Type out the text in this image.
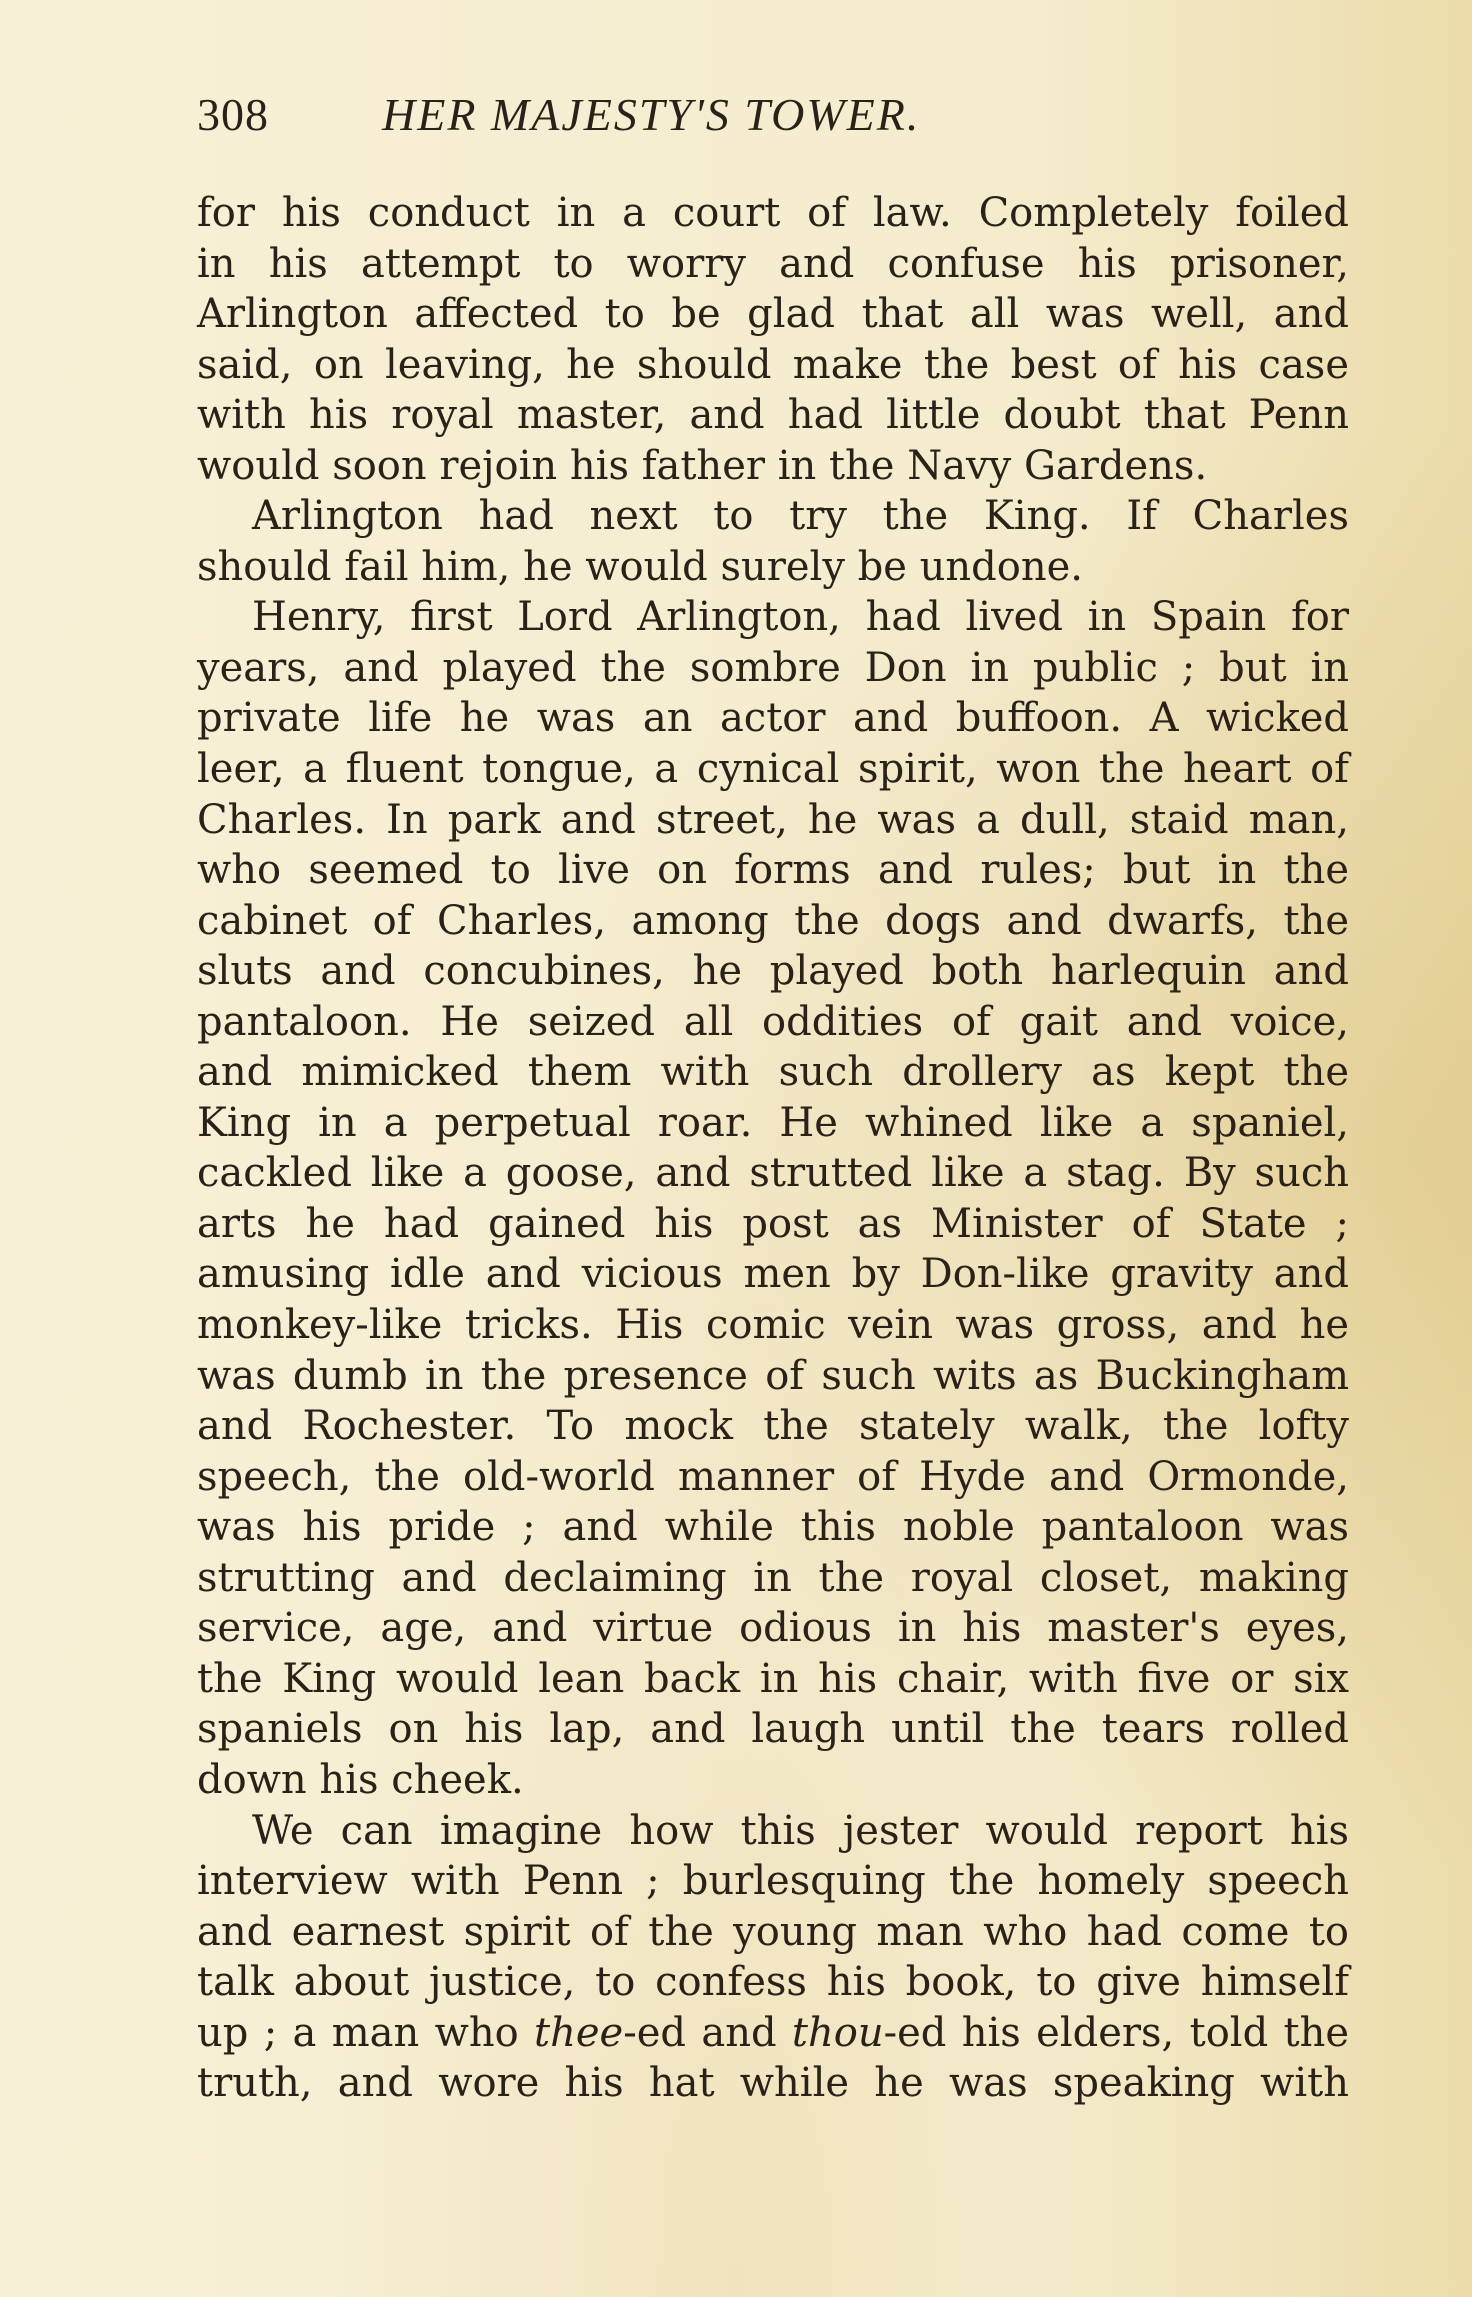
308 HER MAJESTY'S TOWER.
for his conduct in a court of law. Completely foiled
in his attempt to worry and confuse his prisoner,
Arlington affected to be glad that all was well, and
said, on leaving, he should make the best of his case
with his royal master, and had little doubt that Penn
would soon rejoin his father in the Navy Gardens.
Arlington had next to try the King. If Charles
should fail him, he would surely be undone.
Henry, first Lord Arlington, had lived in Spain for
years, and played the sombre Don in public ; but in
private life he was an actor and buffoon. A wicked
leer, a fluent tongue, a cynical spirit, won the heart of
Charles. In park and street, he was a dull, staid man,
who seemed to live on forms and rules; but in the
cabinet of Charles, among the dogs and dwarfs, the
sluts and concubines, he played both harlequin and
pantaloon. He seized all oddities of gait and voice,
and mimicked them with such drollery as kept the
King in a perpetual roar. He whined like a spaniel,
cackled like a goose, and strutted like a stag. By such
arts he had gained his post as Minister of State ;
amusing idle and vicious men by Don-like gravity and
monkey-like tricks. His comic vein was gross, and he
was dumb in the presence of such wits as Buckingham
and Rochester. To mock the stately walk, the lofty
speech, the old-world manner of Hyde and Ormonde,
was his pride ; and while this noble pantaloon was
strutting and declaiming in the royal closet, making
service, age, and virtue odious in his master's eyes,
the King would lean back in his chair, with five or six
spaniels on his lap, and laugh until the tears rolled
down his cheek.
We can imagine how this jester would report his
interview with Penn ; burlesquing the homely speech
and earnest spirit of the young man who had come to
talk about justice, to confess his book, to give himself
up ; a man who thee-ed and thou-ed his elders, told the
truth, and wore his hat while he was speaking with
